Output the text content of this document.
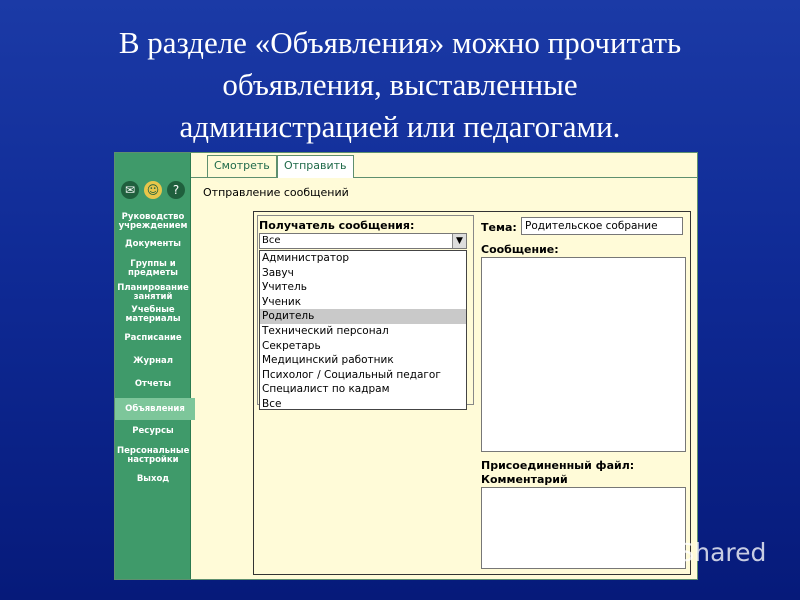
В разделе «Объявления» можно прочитать
объявления, выставленные
администрацией или педагогами.
✉ ☺	?
Руководство учреждением
Документы
Группы и предметы
Планирование занятий
Учебные материалы
Расписание
Журнал
Отчеты
Объявления
Ресурсы
Персональные настройки
Выход
Смотреть	Отправить
Отправление сообщений
Получатель сообщения:
Все	▼
Администратор
Завуч
Учитель
Ученик
Родитель
Технический персонал
Секретарь
Медицинский работник
Психолог / Социальный педагог
Специалист по кадрам
Все
Тема: Родительское собрание
Сообщение:
Присоединенный файл:
Комментарий
MyShared
